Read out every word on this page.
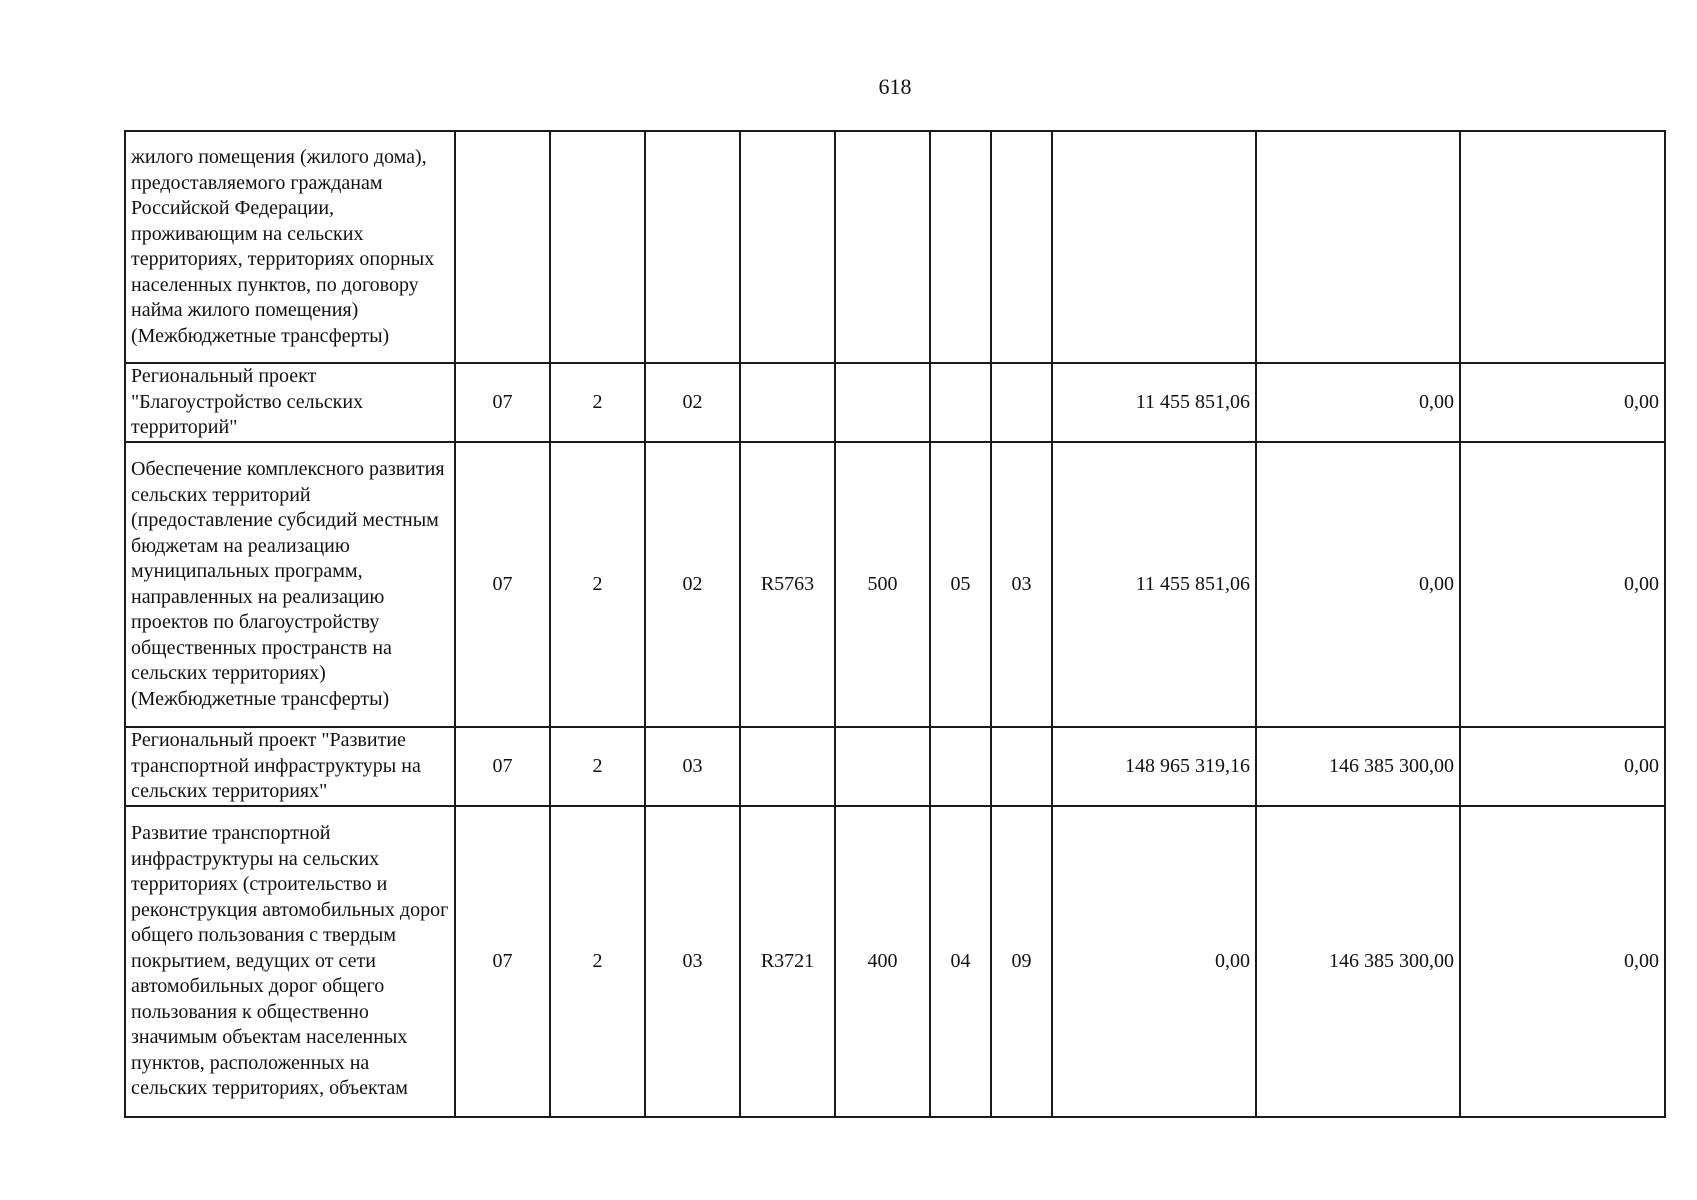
618
жилого помещения (жилого дома), предоставляемого гражданам Российской Федерации, проживающим на сельских территориях, территориях опорных населенных пунктов, по договору найма жилого помещения) (Межбюджетные трансферты)										
Региональный проект "Благоустройство сельских территорий"	07	2	02					11 455 851,06	0,00	0,00
Обеспечение комплексного развития сельских территорий (предоставление субсидий местным бюджетам на реализацию муниципальных программ, направленных на реализацию проектов по благоустройству общественных пространств на сельских территориях) (Межбюджетные трансферты)	07	2	02	R5763	500	05	03	11 455 851,06	0,00	0,00
Региональный проект "Развитие транспортной инфраструктуры на сельских территориях"	07	2	03					148 965 319,16	146 385 300,00	0,00
Развитие транспортной инфраструктуры на сельских территориях (строительство и реконструкция автомобильных дорог общего пользования с твердым покрытием, ведущих от сети автомобильных дорог общего пользования к общественно значимым объектам населенных пунктов, расположенных на сельских территориях, объектам	07	2	03	R3721	400	04	09	0,00	146 385 300,00	0,00
